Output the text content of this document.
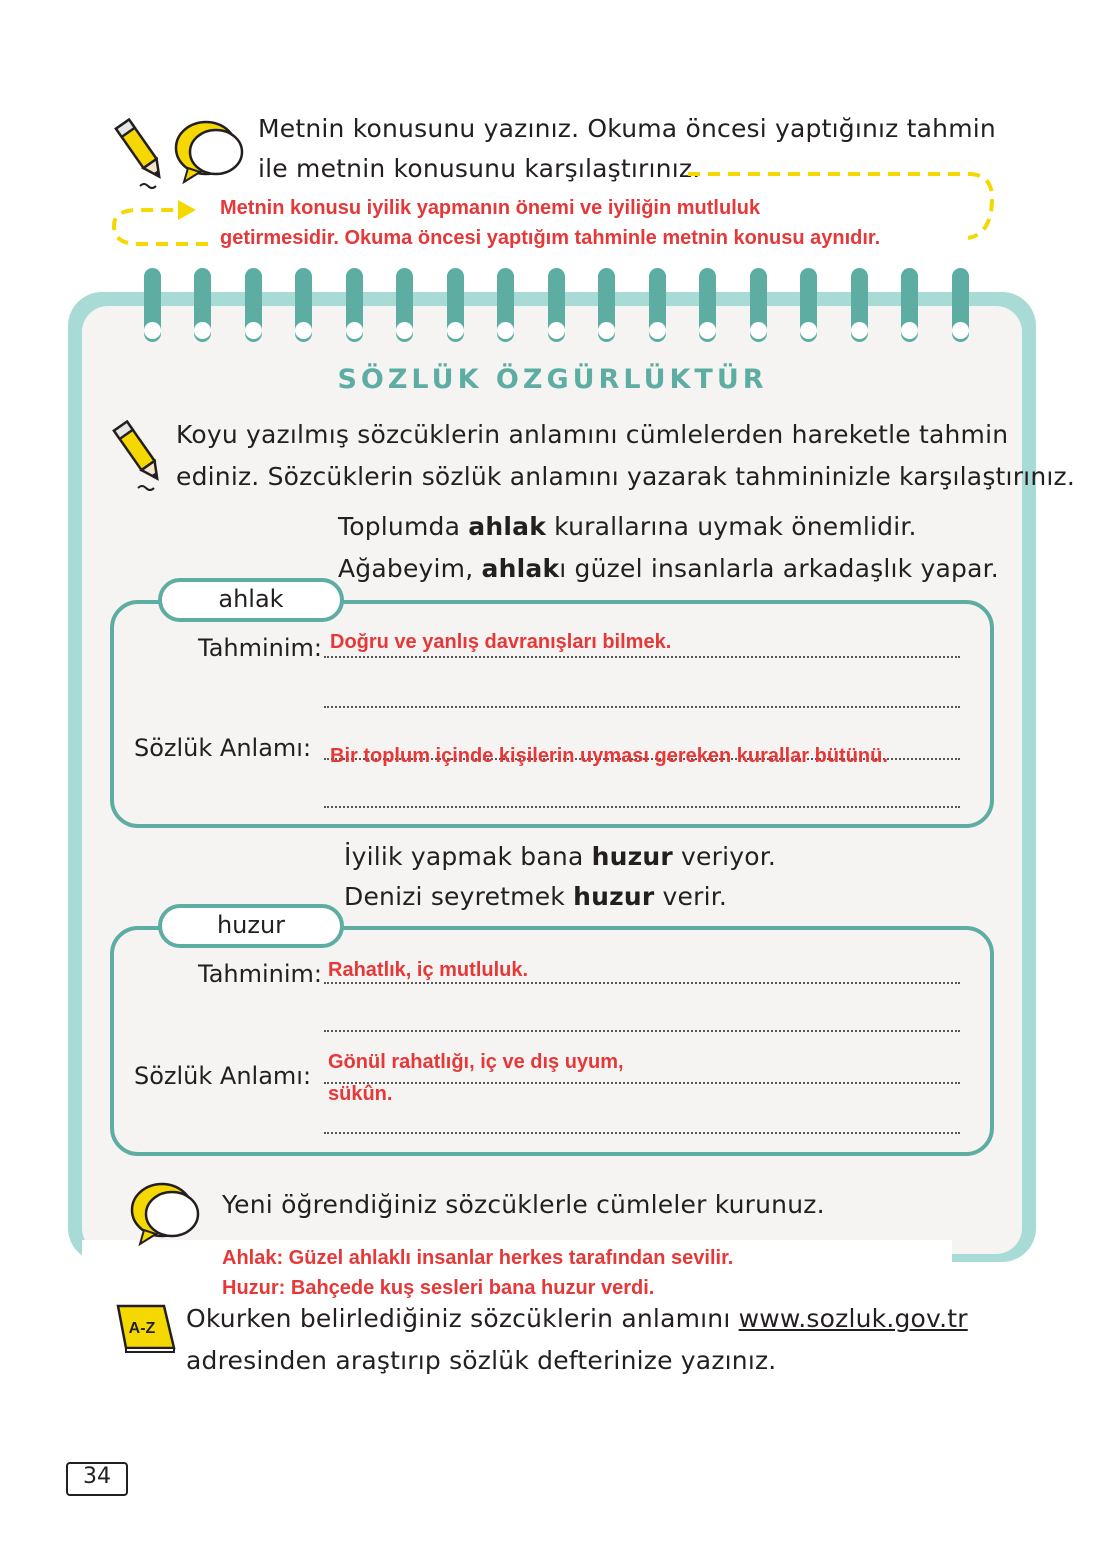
Metnin konusunu yazınız. Okuma öncesi yaptığınız tahmin
ile metnin konusunu karşılaştırınız.
Metnin konusu iyilik yapmanın önemi ve iyiliğin mutluluk
getirmesidir. Okuma öncesi yaptığım tahminle metnin konusu aynıdır.
SÖZLÜK ÖZGÜRLÜKTÜR
Koyu yazılmış sözcüklerin anlamını cümlelerden hareketle tahmin
ediniz. Sözcüklerin sözlük anlamını yazarak tahmininizle karşılaştırınız.
Toplumda ahlak kurallarına uymak önemlidir.
Ağabeyim, ahlakı güzel insanlarla arkadaşlık yapar.
ahlak
Tahminim: Doğru ve yanlış davranışları bilmek.
Sözlük Anlamı: Bir toplum içinde kişilerin uyması gereken kurallar bütünü.
İyilik yapmak bana huzur veriyor.
Denizi seyretmek huzur verir.
huzur
Tahminim: Rahatlık, iç mutluluk.
Sözlük Anlamı: Gönül rahatlığı, iç ve dış uyum,
sükûn.
Yeni öğrendiğiniz sözcüklerle cümleler kurunuz.
Ahlak: Güzel ahlaklı insanlar herkes tarafından sevilir.
Huzur: Bahçede kuş sesleri bana huzur verdi.
A-Z Okurken belirlediğiniz sözcüklerin anlamını www.sozluk.gov.tr
adresinden araştırıp sözlük defterinize yazınız.
34
